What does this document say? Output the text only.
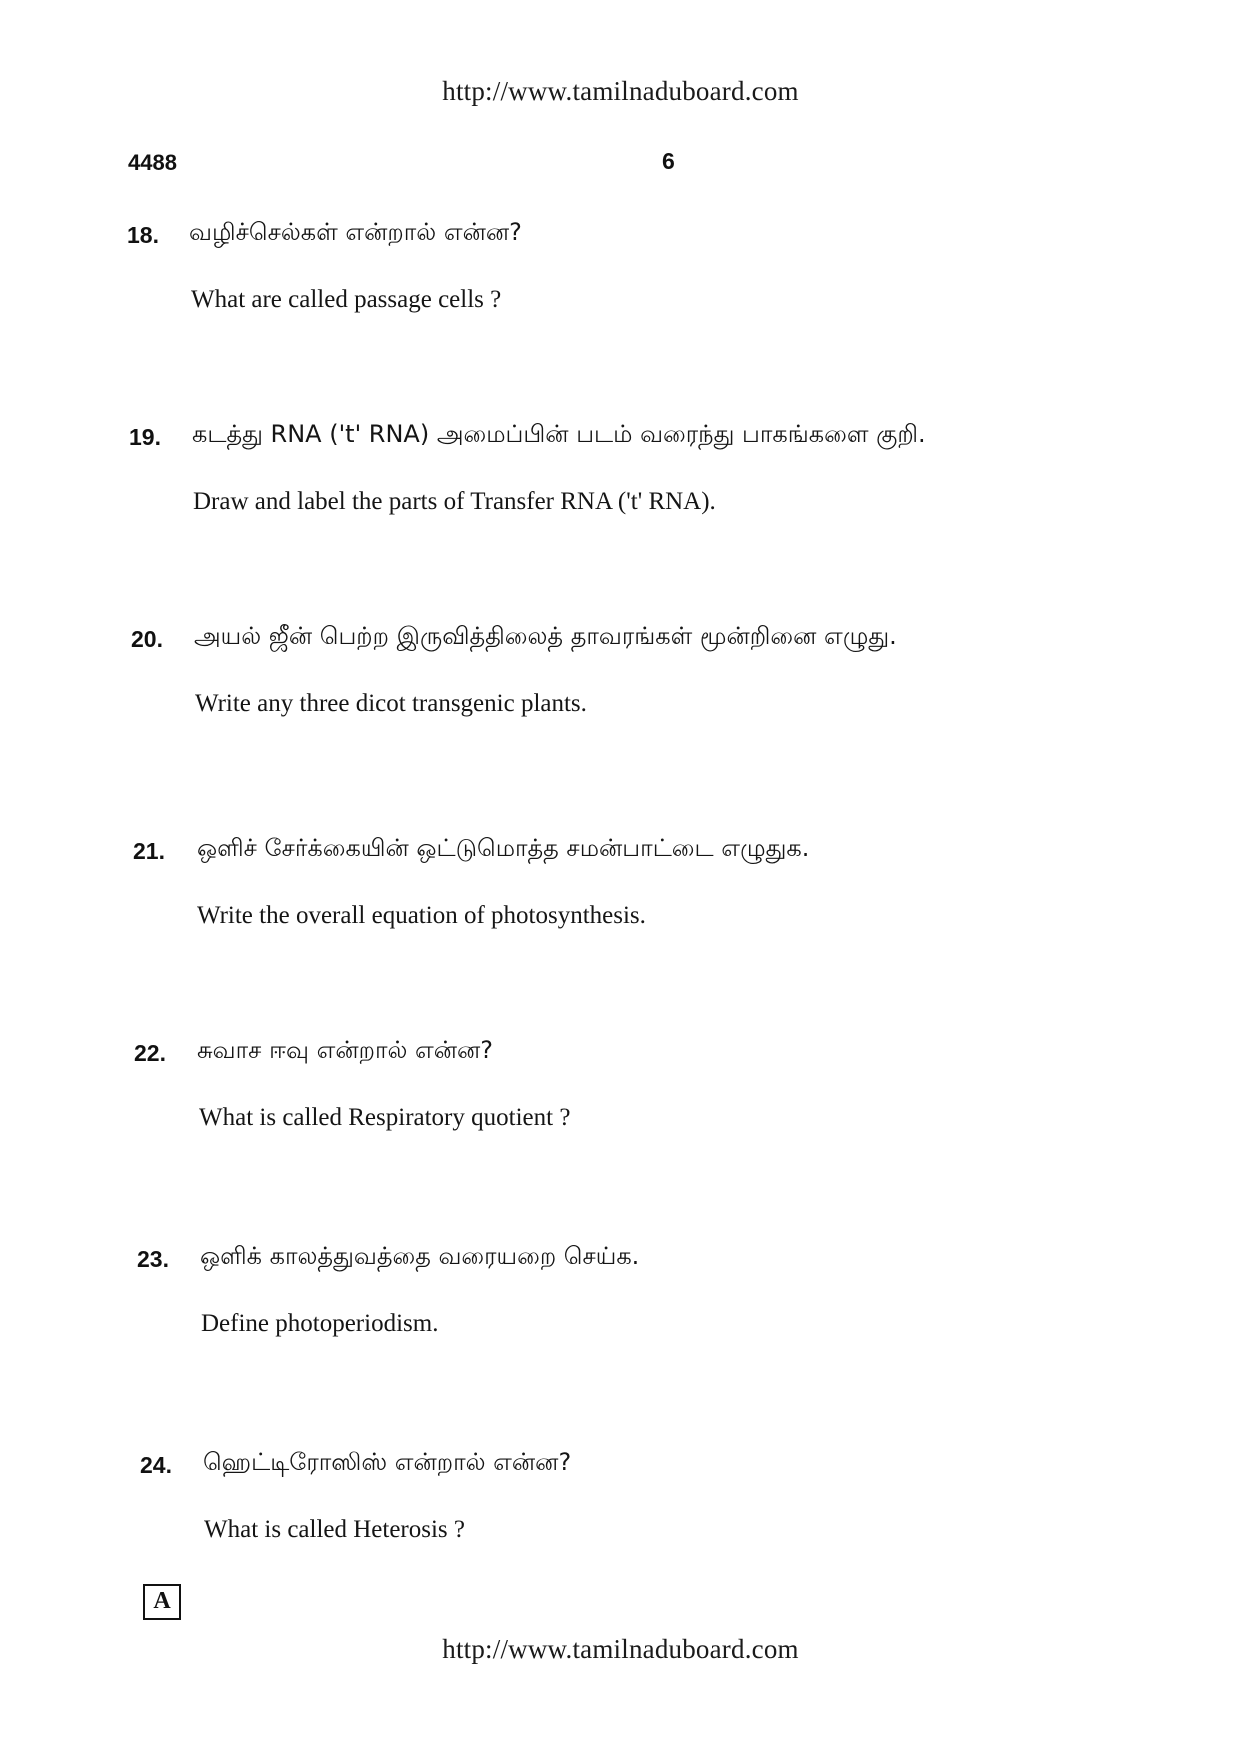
http://www.tamilnaduboard.com
4488	6
18. வழிச்செல்கள் என்றால் என்ன?
What are called passage cells ?
19. கடத்து RNA ('t' RNA) அமைப்பின் படம் வரைந்து பாகங்களை குறி.
Draw and label the parts of Transfer RNA ('t' RNA).
20. அயல் ஜீன் பெற்ற இருவித்திலைத் தாவரங்கள் மூன்றினை எழுது.
Write any three dicot transgenic plants.
21. ஒளிச் சேர்க்கையின் ஒட்டுமொத்த சமன்பாட்டை எழுதுக.
Write the overall equation of photosynthesis.
22. சுவாச ஈவு என்றால் என்ன?
What is called Respiratory quotient ?
23. ஒளிக் காலத்துவத்தை வரையறை செய்க.
Define photoperiodism.
24. ஹெட்டிரோஸிஸ் என்றால் என்ன?
What is called Heterosis ?
A
http://www.tamilnaduboard.com
